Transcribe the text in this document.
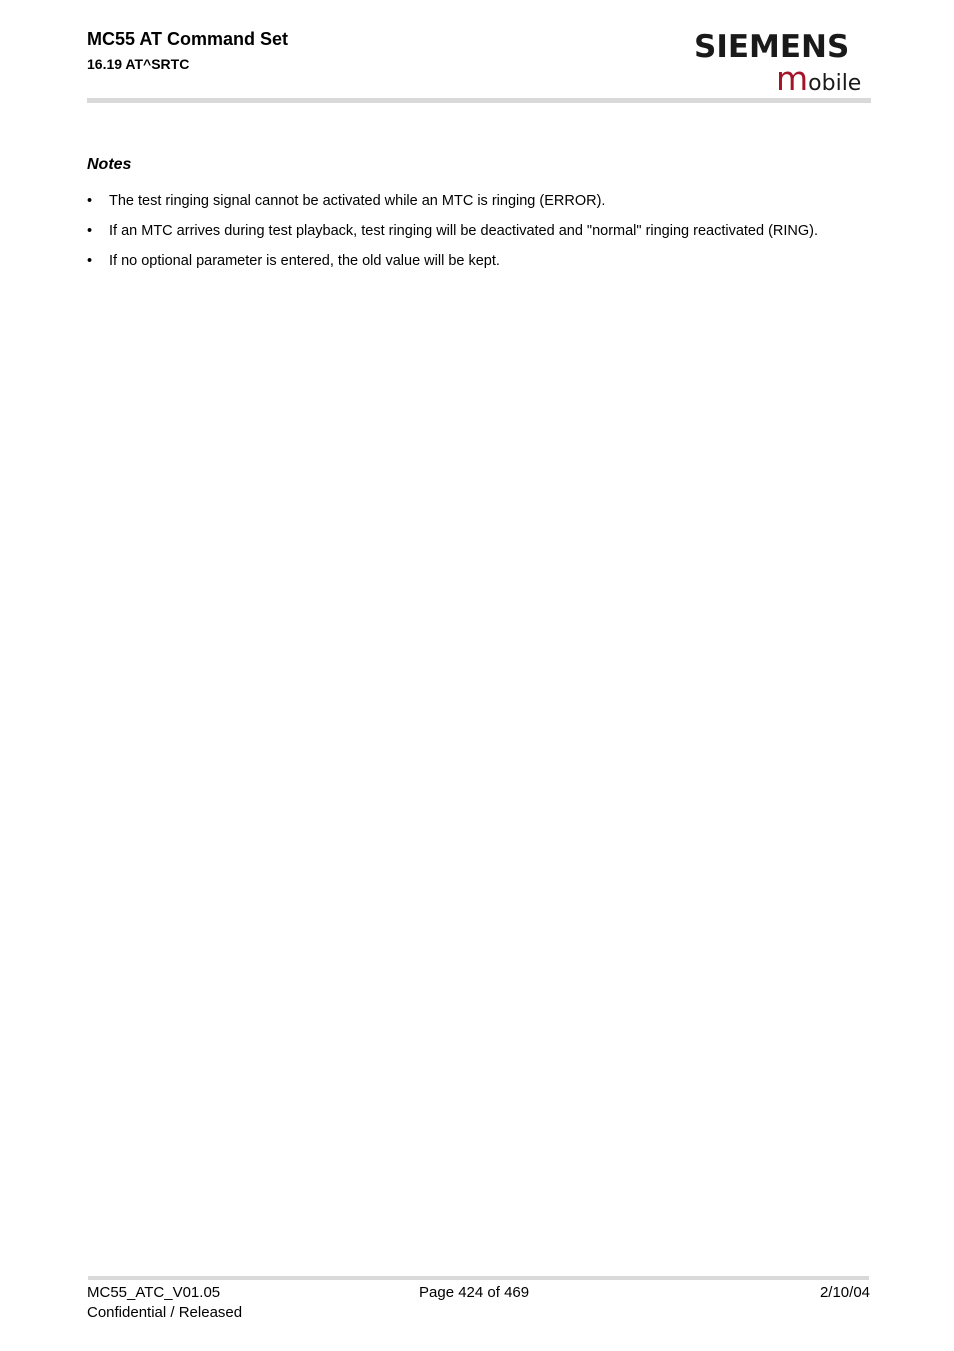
MC55 AT Command Set
16.19 AT^SRTC	SIEMENS
mobile
Notes
• The test ringing signal cannot be activated while an MTC is ringing (ERROR).
• If an MTC arrives during test playback, test ringing will be deactivated and "normal" ringing reactivated (RING).
• If no optional parameter is entered, the old value will be kept.
MC55_ATC_V01.05
Confidential / Released
Page 424 of 469	2/10/04
